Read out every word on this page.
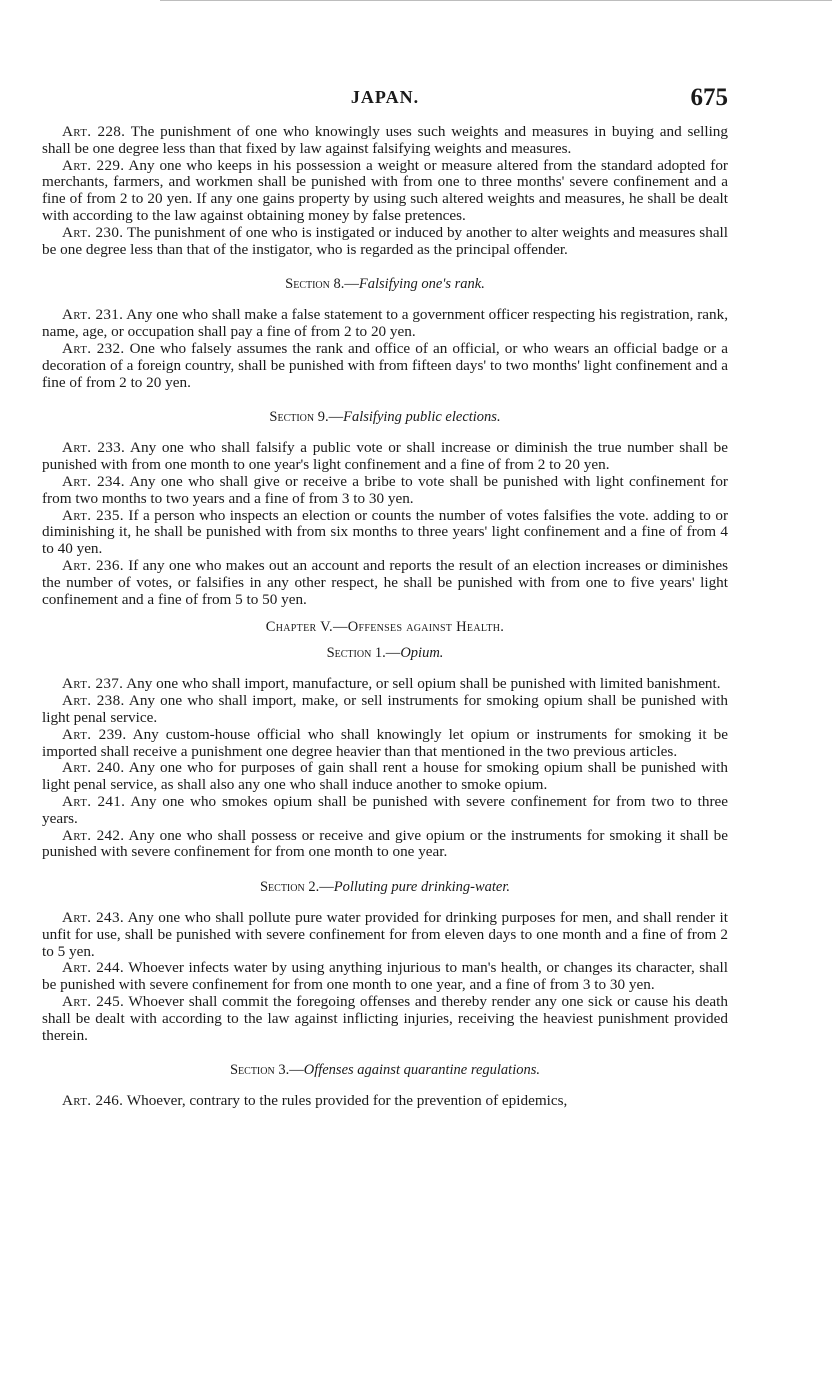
JAPAN.	675

Art. 228. The punishment of one who knowingly uses such weights and measures in buying and selling shall be one degree less than that fixed by law against falsifying weights and measures.

Art. 229. Any one who keeps in his possession a weight or measure altered from the standard adopted for merchants, farmers, and workmen shall be punished with from one to three months' severe confinement and a fine of from 2 to 20 yen. If any one gains property by using such altered weights and measures, he shall be dealt with according to the law against obtaining money by false pretences.

Art. 230. The punishment of one who is instigated or induced by another to alter weights and measures shall be one degree less than that of the instigator, who is regarded as the principal offender.

Section 8.—Falsifying one's rank.

Art. 231. Any one who shall make a false statement to a government officer respecting his registration, rank, name, age, or occupation shall pay a fine of from 2 to 20 yen.

Art. 232. One who falsely assumes the rank and office of an official, or who wears an official badge or a decoration of a foreign country, shall be punished with from fifteen days' to two months' light confinement and a fine of from 2 to 20 yen.

Section 9.—Falsifying public elections.

Art. 233. Any one who shall falsify a public vote or shall increase or diminish the true number shall be punished with from one month to one year's light confinement and a fine of from 2 to 20 yen.

Art. 234. Any one who shall give or receive a bribe to vote shall be punished with light confinement for from two months to two years and a fine of from 3 to 30 yen.

Art. 235. If a person who inspects an election or counts the number of votes falsifies the vote. adding to or diminishing it, he shall be punished with from six months to three years' light confinement and a fine of from 4 to 40 yen.

Art. 236. If any one who makes out an account and reports the result of an election increases or diminishes the number of votes, or falsifies in any other respect, he shall be punished with from one to five years' light confinement and a fine of from 5 to 50 yen.

Chapter V.—Offenses against Health.
Section 1.—Opium.

Art. 237. Any one who shall import, manufacture, or sell opium shall be punished with limited banishment.

Art. 238. Any one who shall import, make, or sell instruments for smoking opium shall be punished with light penal service.

Art. 239. Any custom-house official who shall knowingly let opium or instruments for smoking it be imported shall receive a punishment one degree heavier than that mentioned in the two previous articles.

Art. 240. Any one who for purposes of gain shall rent a house for smoking opium shall be punished with light penal service, as shall also any one who shall induce another to smoke opium.

Art. 241. Any one who smokes opium shall be punished with severe confinement for from two to three years.

Art. 242. Any one who shall possess or receive and give opium or the instruments for smoking it shall be punished with severe confinement for from one month to one year.

Section 2.—Polluting pure drinking-water.

Art. 243. Any one who shall pollute pure water provided for drinking purposes for men, and shall render it unfit for use, shall be punished with severe confinement for from eleven days to one month and a fine of from 2 to 5 yen.

Art. 244. Whoever infects water by using anything injurious to man's health, or changes its character, shall be punished with severe confinement for from one month to one year, and a fine of from 3 to 30 yen.

Art. 245. Whoever shall commit the foregoing offenses and thereby render any one sick or cause his death shall be dealt with according to the law against inflicting injuries, receiving the heaviest punishment provided therein.

Section 3.—Offenses against quarantine regulations.

Art. 246. Whoever, contrary to the rules provided for the prevention of epidemics,
